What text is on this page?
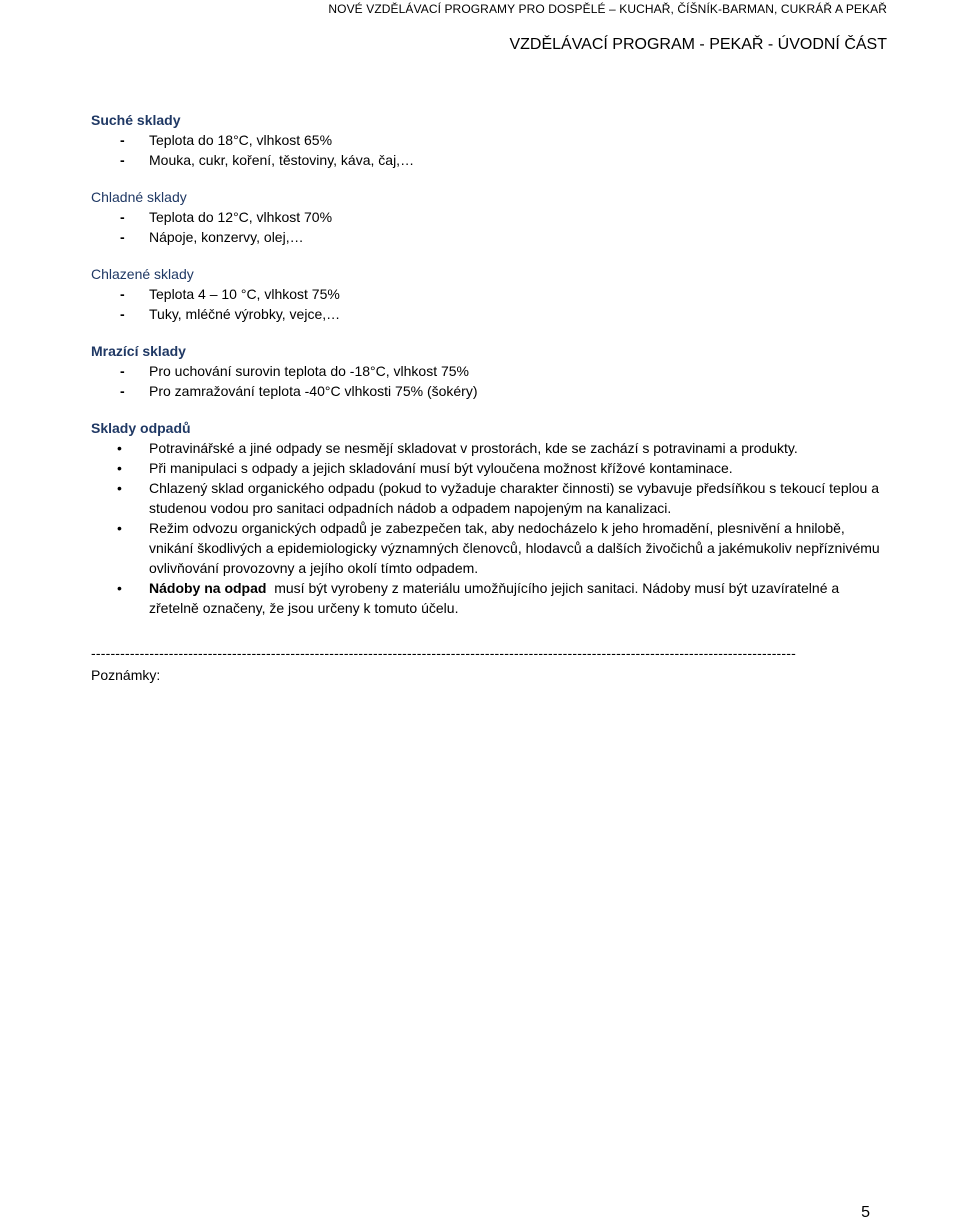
NOVÉ VZDĚLÁVACÍ PROGRAMY PRO DOSPĚLÉ – KUCHAŘ, ČÍŠNÍK-BARMAN, CUKRÁŘ A PEKAŘ
VZDĚLÁVACÍ PROGRAM - PEKAŘ - ÚVODNÍ ČÁST
Suché sklady
- Teplota do 18°C, vlhkost 65%
- Mouka, cukr, koření, těstoviny, káva, čaj,…
Chladné sklady
- Teplota do 12°C, vlhkost 70%
- Nápoje, konzervy, olej,…
Chlazené sklady
- Teplota 4 – 10 °C, vlhkost 75%
- Tuky, mléčné výrobky, vejce,…
Mrazící sklady
- Pro uchování surovin teplota do -18°C, vlhkost 75%
- Pro zamražování teplota -40°C vlhkosti 75% (šokéry)
Sklady odpadů
• Potravinářské a jiné odpady se nesmějí skladovat v prostorách, kde se zachází s potravinami a produkty.
• Při manipulaci s odpady a jejich skladování musí být vyloučena možnost křížové kontaminace.
• Chlazený sklad organického odpadu (pokud to vyžaduje charakter činnosti) se vybavuje předsíňkou s tekoucí teplou a studenou vodou pro sanitaci odpadních nádob a odpadem napojeným na kanalizaci.
• Režim odvozu organických odpadů je zabezpečen tak, aby nedocházelo k jeho hromadění, plesnivění a hnilobě, vnikání škodlivých a epidemiologicky významných členovců, hlodavců a dalších živočichů a jakémukoliv nepříznivému ovlivňování provozovny a jejího okolí tímto odpadem.
• Nádoby na odpad  musí být vyrobeny z materiálu umožňujícího jejich sanitaci. Nádoby musí být uzavíratelné a zřetelně označeny, že jsou určeny k tomuto účelu.
-------------------------------------------------------------------------------------------------------------------------------------------------
Poznámky:
5
